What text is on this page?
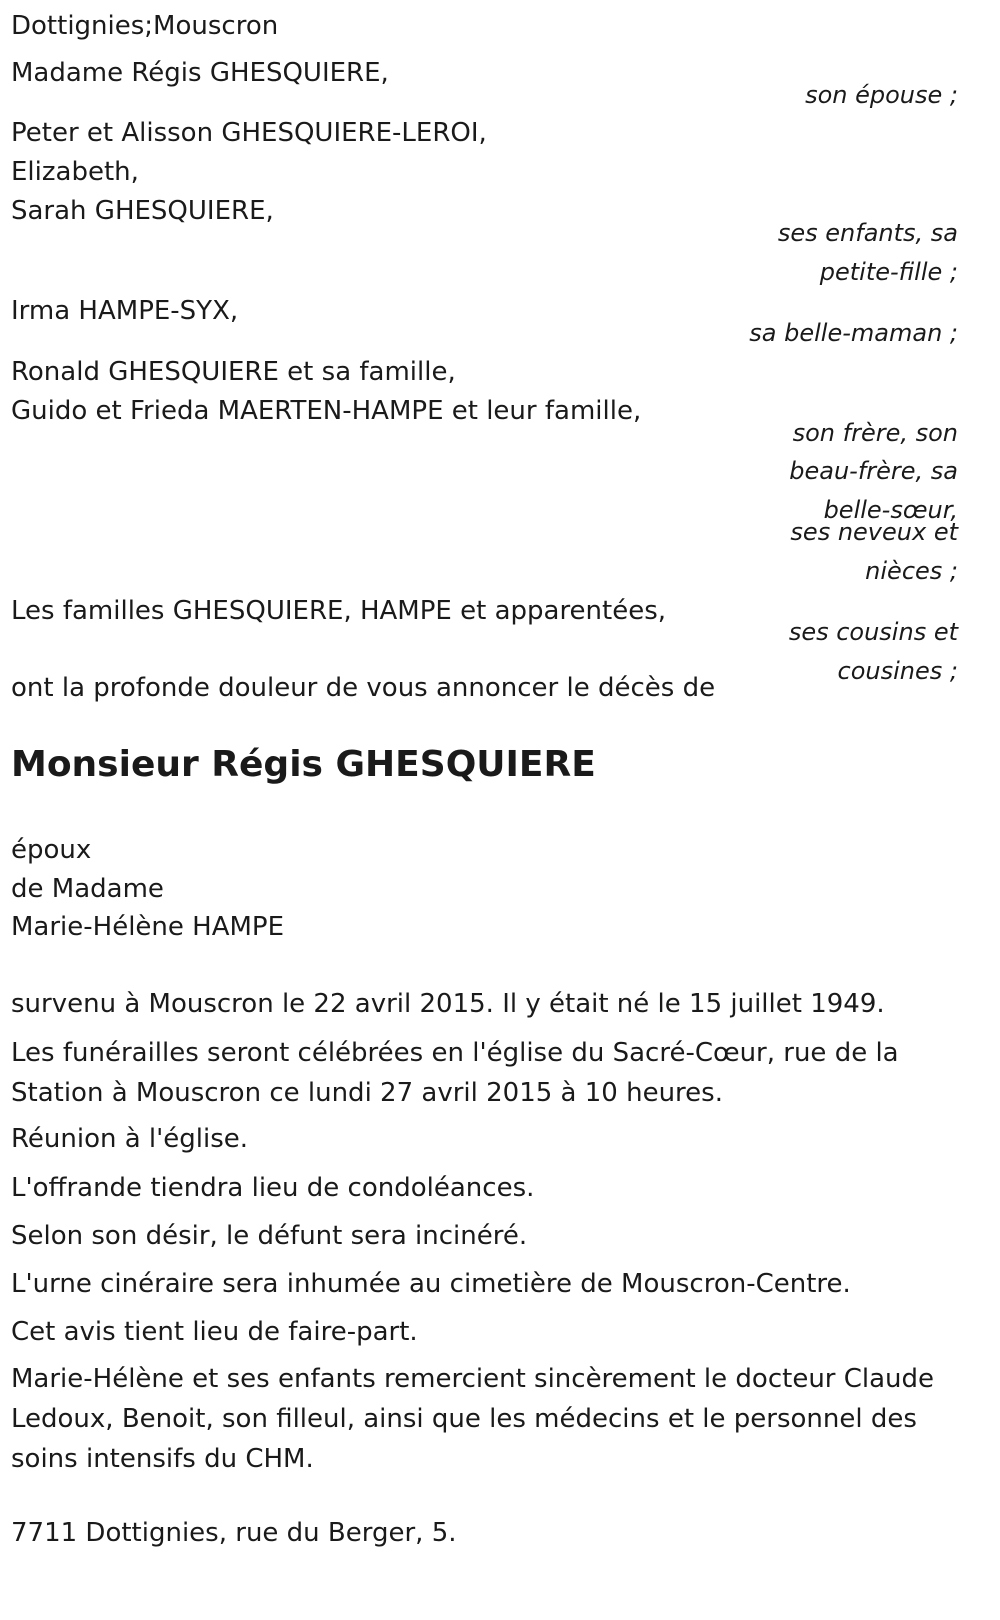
Dottignies;Mouscron
Madame Régis GHESQUIERE,
son épouse ;
Peter et Alisson GHESQUIERE-LEROI,
Elizabeth,
Sarah GHESQUIERE,
ses enfants, sa
petite-fille ;
Irma HAMPE-SYX,
sa belle-maman ;
Ronald GHESQUIERE et sa famille,
Guido et Frieda MAERTEN-HAMPE et leur famille,
son frère, son
beau-frère, sa
belle-sœur,
ses neveux et
nièces ;
Les familles GHESQUIERE, HAMPE et apparentées,
ses cousins et
cousines ;
ont la profonde douleur de vous annoncer le décès de
Monsieur Régis GHESQUIERE
époux
de Madame
Marie-Hélène HAMPE
survenu à Mouscron le 22 avril 2015. Il y était né le 15 juillet 1949.
Les funérailles seront célébrées en l'église du Sacré-Cœur, rue de la Station à Mouscron ce lundi 27 avril 2015 à 10 heures.
Réunion à l'église.
L'offrande tiendra lieu de condoléances.
Selon son désir, le défunt sera incinéré.
L'urne cinéraire sera inhumée au cimetière de Mouscron-Centre.
Cet avis tient lieu de faire-part.
Marie-Hélène et ses enfants remercient sincèrement le docteur Claude Ledoux, Benoit, son filleul, ainsi que les médecins et le personnel des soins intensifs du CHM.
7711 Dottignies, rue du Berger, 5.
